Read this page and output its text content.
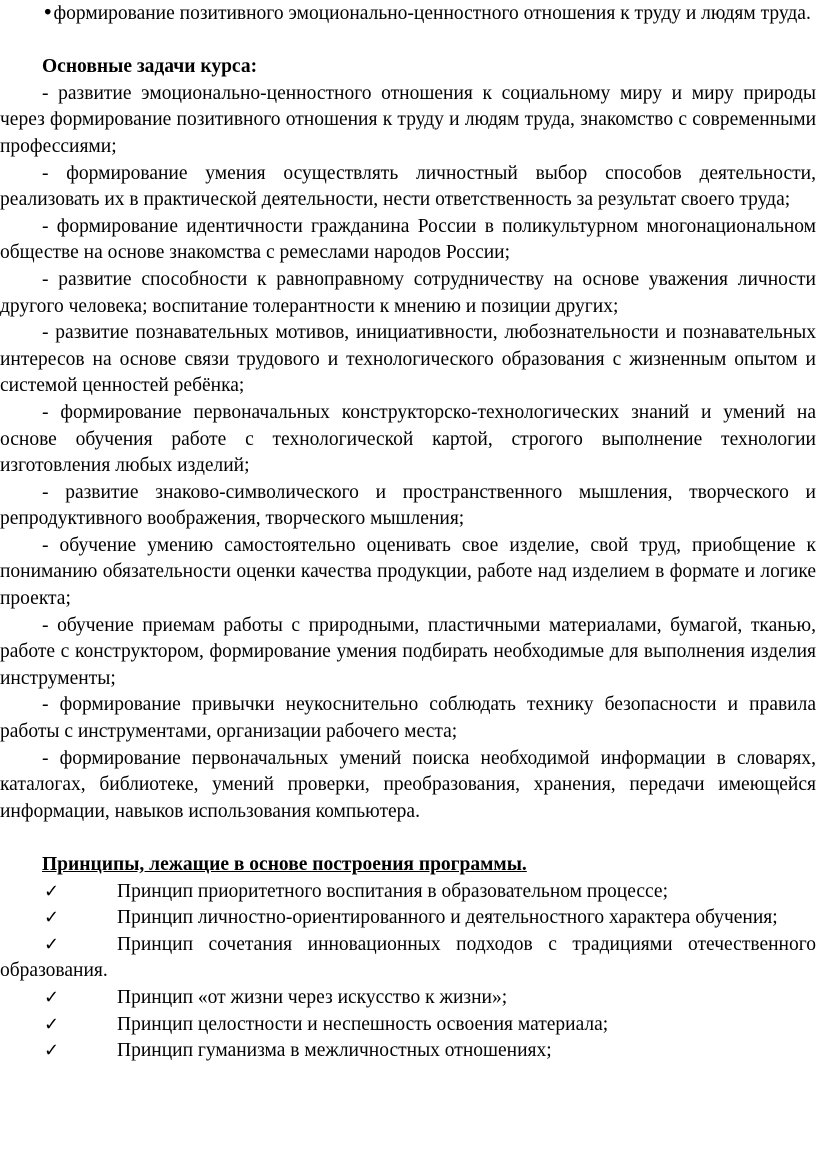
•формирование позитивного эмоционально-ценностного отношения к труду и людям труда.

Основные задачи курса:

- развитие эмоционально-ценностного отношения к социальному миру и миру природы через формирование позитивного отношения к труду и людям труда, знакомство с современными профессиями;

- формирование умения осуществлять личностный выбор способов деятельности, реализовать их в практической деятельности, нести ответственность за результат своего труда;

- формирование идентичности гражданина России в поликультурном многонациональном обществе на основе знакомства с ремеслами народов России;

- развитие способности к равноправному сотрудничеству на основе уважения личности другого человека; воспитание толерантности к мнению и позиции других;

- развитие познавательных мотивов, инициативности, любознательности и познавательных интересов на основе связи трудового и технологического образования с жизненным опытом и системой ценностей ребёнка;

- формирование первоначальных конструкторско-технологических знаний и умений на основе обучения работе с технологической картой, строгого выполнение технологии изготовления любых изделий;

- развитие знаково-символического и пространственного мышления, творческого и репродуктивного воображения, творческого мышления;

- обучение умению самостоятельно оценивать свое изделие, свой труд, приобщение к пониманию обязательности оценки качества продукции, работе над изделием в формате и логике проекта;

- обучение приемам работы с природными, пластичными материалами, бумагой, тканью, работе с конструктором, формирование умения подбирать необходимые для выполнения изделия инструменты;

- формирование привычки неукоснительно соблюдать технику безопасности и правила работы с инструментами, организации рабочего места;

- формирование первоначальных умений поиска необходимой информации в словарях, каталогах, библиотеке, умений проверки, преобразования, хранения, передачи имеющейся информации, навыков использования компьютера.

Принципы, лежащие в основе построения программы.

✓	Принцип приоритетного воспитания в образовательном процессе;

✓	Принцип личностно-ориентированного и деятельностного характера обучения;

✓	Принцип сочетания инновационных подходов с традициями отечественного образования.

✓	Принцип «от жизни через искусство к жизни»;

✓	Принцип целостности и неспешность освоения материала;

✓	Принцип гуманизма в межличностных отношениях;
